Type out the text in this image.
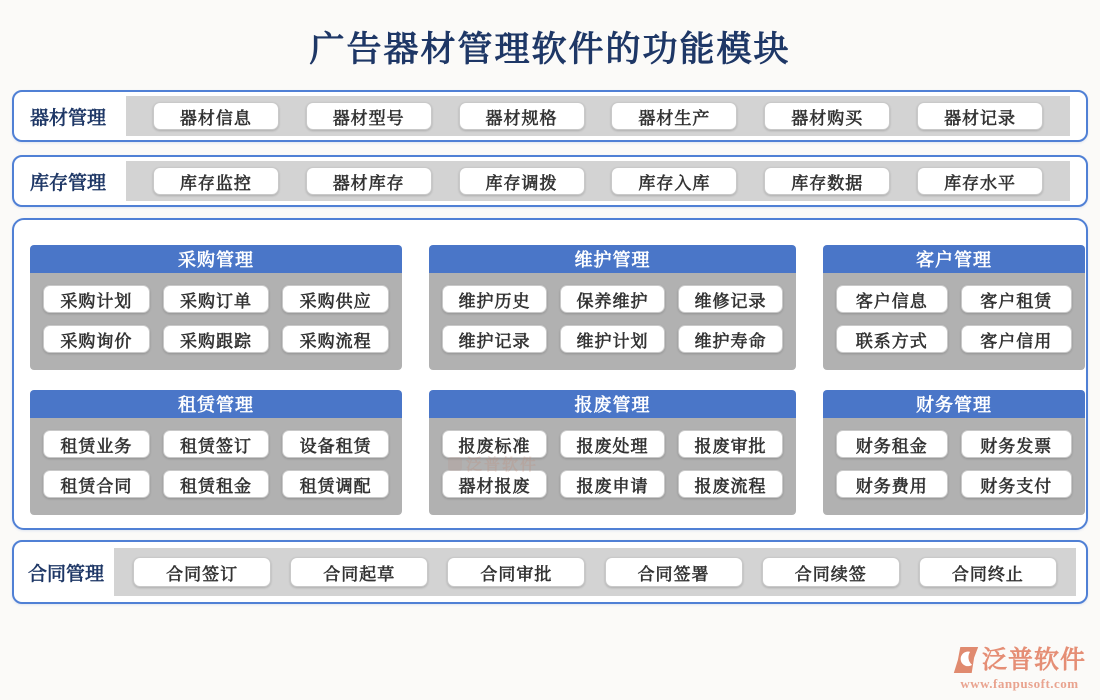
广告器材管理软件的功能模块
器材管理	器材信息	器材型号	器材规格	器材生产	器材购买	器材记录
库存管理	库存监控	器材库存	库存调拨	库存入库	库存数据	库存水平
采购管理
采购计划	采购订单	采购供应
采购询价	采购跟踪	采购流程
维护管理
维护历史	保养维护	维修记录
维护记录	维护计划	维护寿命
客户管理
客户信息	客户租赁
联系方式	客户信用
租赁管理
租赁业务	租赁签订	设备租赁
租赁合同	租赁租金	租赁调配
报废管理
报废标准	报废处理	报废审批
器材报废	报废申请	报废流程
财务管理
财务租金	财务发票
财务费用	财务支付
泛普软件
合同管理	合同签订	合同起草	合同审批	合同签署	合同续签	合同终止
泛普软件
www.fanpusoft.com
